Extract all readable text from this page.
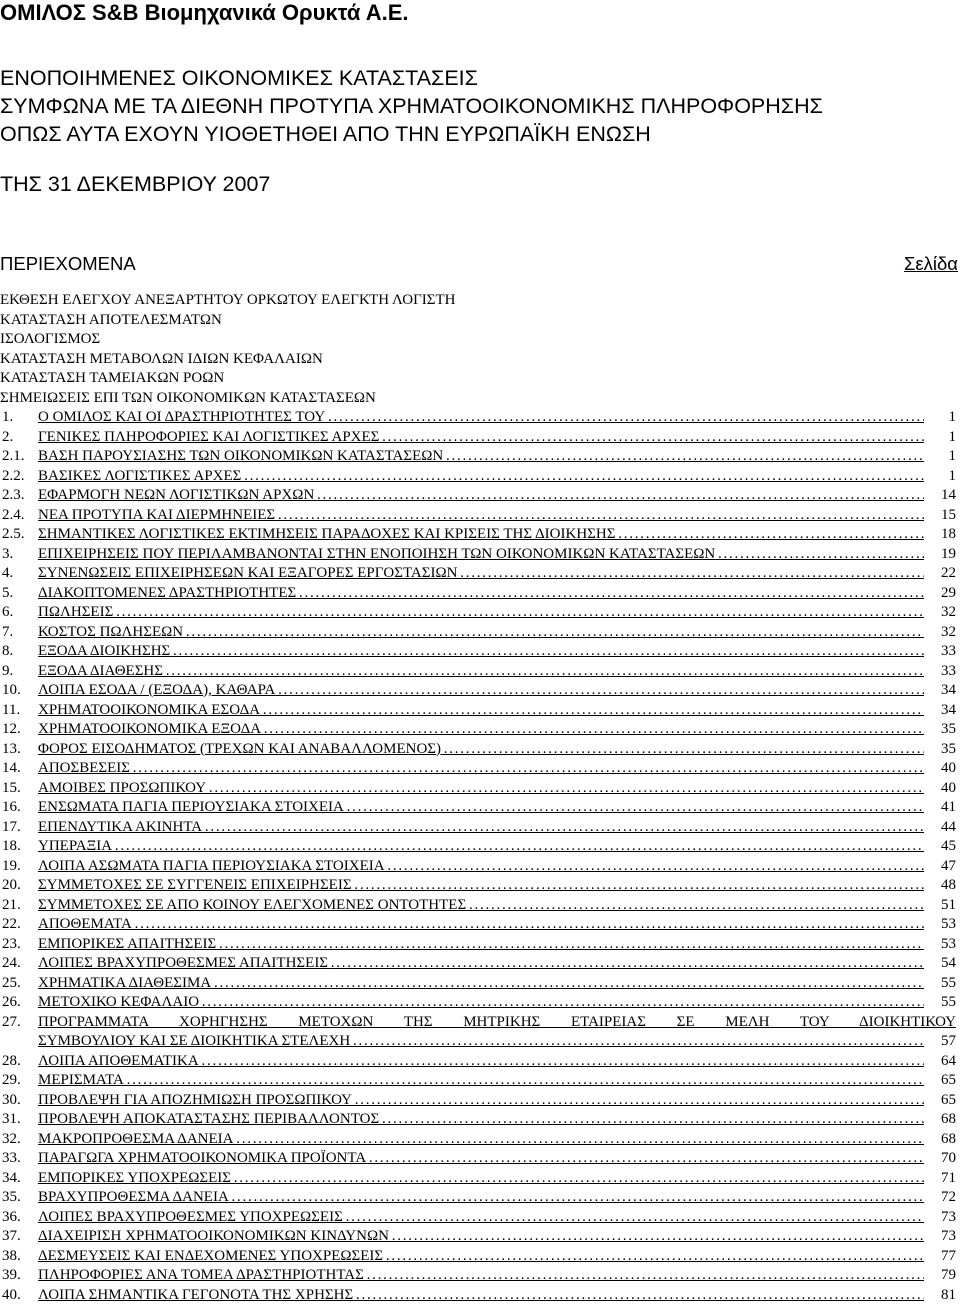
ΟΜΙΛΟΣ S&B Βιομηχανικά Ορυκτά Α.Ε.
ΕΝΟΠΟΙΗΜΕΝΕΣ ΟΙΚΟΝΟΜΙΚΕΣ ΚΑΤΑΣΤΑΣΕΙΣ
ΣΥΜΦΩΝΑ ΜΕ ΤΑ ΔΙΕΘΝΗ ΠΡΟΤΥΠΑ ΧΡΗΜΑΤΟΟΙΚΟΝΟΜΙΚΗΣ ΠΛΗΡΟΦΟΡΗΣΗΣ
ΟΠΩΣ ΑΥΤΑ ΕΧΟΥΝ ΥΙΟΘΕΤΗΘΕΙ ΑΠΟ ΤΗΝ ΕΥΡΩΠΑΪΚΗ ΕΝΩΣΗ
ΤΗΣ 31 ΔΕΚΕΜΒΡΙΟΥ 2007
ΠΕΡΙΕΧΟΜΕΝΑ	Σελίδα
ΕΚΘΕΣΗ ΕΛΕΓΧΟΥ ΑΝΕΞΑΡΤΗΤΟΥ ΟΡΚΩΤΟΥ ΕΛΕΓΚΤΗ ΛΟΓΙΣΤΗ
ΚΑΤΑΣΤΑΣΗ ΑΠΟΤΕΛΕΣΜΑΤΩΝ
ΙΣΟΛΟΓΙΣΜΟΣ
ΚΑΤΑΣΤΑΣΗ ΜΕΤΑΒΟΛΩΝ ΙΔΙΩΝ ΚΕΦΑΛΑΙΩΝ
ΚΑΤΑΣΤΑΣΗ ΤΑΜΕΙΑΚΩΝ ΡΟΩΝ
ΣΗΜΕΙΩΣΕΙΣ ΕΠΙ ΤΩΝ ΟΙΚΟΝΟΜΙΚΩΝ ΚΑΤΑΣΤΑΣΕΩΝ
1. Ο ΟΜΙΛΟΣ ΚΑΙ ΟΙ ΔΡΑΣΤΗΡΙΟΤΗΤΕΣ ΤΟΥ . . .	1
2. ΓΕΝΙΚΕΣ ΠΛΗΡΟΦΟΡΙΕΣ ΚΑΙ ΛΟΓΙΣΤΙΚΕΣ ΑΡΧΕΣ . . .	1
2.1. ΒΑΣΗ ΠΑΡΟΥΣΙΑΣΗΣ ΤΩΝ ΟΙΚΟΝΟΜΙΚΩΝ ΚΑΤΑΣΤΑΣΕΩΝ . . .	1
2.2. ΒΑΣΙΚΕΣ ΛΟΓΙΣΤΙΚΕΣ ΑΡΧΕΣ . . .	1
2.3. ΕΦΑΡΜΟΓΗ ΝΕΩΝ ΛΟΓΙΣΤΙΚΩΝ ΑΡΧΩΝ . . .	14
2.4. ΝΕΑ ΠΡΟΤΥΠΑ ΚΑΙ ΔΙΕΡΜΗΝΕΙΕΣ . . .	15
2.5. ΣΗΜΑΝΤΙΚΕΣ ΛΟΓΙΣΤΙΚΕΣ ΕΚΤΙΜΗΣΕΙΣ ΠΑΡΑΔΟΧΕΣ ΚΑΙ ΚΡΙΣΕΙΣ ΤΗΣ ΔΙΟΙΚΗΣΗΣ . . .	18
3. ΕΠΙΧΕΙΡΗΣΕΙΣ ΠΟΥ ΠΕΡΙΛΑΜΒΑΝΟΝΤΑΙ ΣΤΗΝ ΕΝΟΠΟΙΗΣΗ ΤΩΝ ΟΙΚΟΝΟΜΙΚΩΝ ΚΑΤΑΣΤΑΣΕΩΝ . . .	19
4. ΣΥΝΕΝΩΣΕΙΣ ΕΠΙΧΕΙΡΗΣΕΩΝ ΚΑΙ ΕΞΑΓΟΡΕΣ ΕΡΓΟΣΤΑΣΙΩΝ . . .	22
5. ΔΙΑΚΟΠΤΟΜΕΝΕΣ ΔΡΑΣΤΗΡΙΟΤΗΤΕΣ . . .	29
6. ΠΩΛΗΣΕΙΣ . . .	32
7. ΚΟΣΤΟΣ ΠΩΛΗΣΕΩΝ . . .	32
8. ΕΞΟΔΑ ΔΙΟΙΚΗΣΗΣ . . .	33
9. ΕΞΟΔΑ ΔΙΑΘΕΣΗΣ . . .	33
10. ΛΟΙΠΑ ΕΣΟΔΑ / (ΕΞΟΔΑ), ΚΑΘΑΡΑ . . .	34
11. ΧΡΗΜΑΤΟΟΙΚΟΝΟΜΙΚΑ ΕΣΟΔΑ . . .	34
12. ΧΡΗΜΑΤΟΟΙΚΟΝΟΜΙΚΑ ΕΞΟΔΑ . . .	35
13. ΦΟΡΟΣ ΕΙΣΟΔΗΜΑΤΟΣ (ΤΡΕΧΩΝ ΚΑΙ ΑΝΑΒΑΛΛΟΜΕΝΟΣ) . . .	35
14. ΑΠΟΣΒΕΣΕΙΣ . . .	40
15. ΑΜΟΙΒΕΣ ΠΡΟΣΩΠΙΚΟΥ . . .	40
16. ΕΝΣΩΜΑΤΑ ΠΑΓΙΑ ΠΕΡΙΟΥΣΙΑΚΑ ΣΤΟΙΧΕΙΑ . . .	41
17. ΕΠΕΝΔΥΤΙΚΑ ΑΚΙΝΗΤΑ . . .	44
18. ΥΠΕΡΑΞΙΑ . . .	45
19. ΛΟΙΠΑ ΑΣΩΜΑΤΑ ΠΑΓΙΑ ΠΕΡΙΟΥΣΙΑΚΑ ΣΤΟΙΧΕΙΑ . . .	47
20. ΣΥΜΜΕΤΟΧΕΣ ΣΕ ΣΥΓΓΕΝΕΙΣ ΕΠΙΧΕΙΡΗΣΕΙΣ . . .	48
21. ΣΥΜΜΕΤΟΧΕΣ ΣΕ ΑΠΟ ΚΟΙΝΟΥ ΕΛΕΓΧΟΜΕΝΕΣ ΟΝΤΟΤΗΤΕΣ . . .	51
22. ΑΠΟΘΕΜΑΤΑ . . .	53
23. ΕΜΠΟΡΙΚΕΣ ΑΠΑΙΤΗΣΕΙΣ . . .	53
24. ΛΟΙΠΕΣ ΒΡΑΧΥΠΡΟΘΕΣΜΕΣ ΑΠΑΙΤΗΣΕΙΣ . . .	54
25. ΧΡΗΜΑΤΙΚΑ ΔΙΑΘΕΣΙΜΑ . . .	55
26. ΜΕΤΟΧΙΚΟ ΚΕΦΑΛΑΙΟ . . .	55
27. ΠΡΟΓΡΑΜΜΑΤΑ ΧΟΡΗΓΗΣΗΣ ΜΕΤΟΧΩΝ ΤΗΣ ΜΗΤΡΙΚΗΣ ΕΤΑΙΡΕΙΑΣ ΣΕ ΜΕΛΗ ΤΟΥ ΔΙΟΙΚΗΤΙΚΟΥ
ΣΥΜΒΟΥΛΙΟΥ ΚΑΙ ΣΕ ΔΙΟΙΚΗΤΙΚΑ ΣΤΕΛΕΧΗ . . .	57
28. ΛΟΙΠΑ ΑΠΟΘΕΜΑΤΙΚΑ . . .	64
29. ΜΕΡΙΣΜΑΤΑ . . .	65
30. ΠΡΟΒΛΕΨΗ ΓΙΑ ΑΠΟΖΗΜΙΩΣΗ ΠΡΟΣΩΠΙΚΟΥ . . .	65
31. ΠΡΟΒΛΕΨΗ ΑΠΟΚΑΤΑΣΤΑΣΗΣ ΠΕΡΙΒΑΛΛΟΝΤΟΣ . . .	68
32. ΜΑΚΡΟΠΡΟΘΕΣΜΑ ΔΑΝΕΙΑ . . .	68
33. ΠΑΡΑΓΩΓΑ ΧΡΗΜΑΤΟΟΙΚΟΝΟΜΙΚΑ ΠΡΟΪΟΝΤΑ . . .	70
34. ΕΜΠΟΡΙΚΕΣ ΥΠΟΧΡΕΩΣΕΙΣ . . .	71
35. ΒΡΑΧΥΠΡΟΘΕΣΜΑ ΔΑΝΕΙΑ . . .	72
36. ΛΟΙΠΕΣ ΒΡΑΧΥΠΡΟΘΕΣΜΕΣ ΥΠΟΧΡΕΩΣΕΙΣ . . .	73
37. ΔΙΑΧΕΙΡΙΣΗ ΧΡΗΜΑΤΟΟΙΚΟΝΟΜΙΚΩΝ ΚΙΝΔΥΝΩΝ . . .	73
38. ΔΕΣΜΕΥΣΕΙΣ ΚΑΙ ΕΝΔΕΧΟΜΕΝΕΣ ΥΠΟΧΡΕΩΣΕΙΣ . . .	77
39. ΠΛΗΡΟΦΟΡΙΕΣ ΑΝΑ ΤΟΜΕΑ ΔΡΑΣΤΗΡΙΟΤΗΤΑΣ . . .	79
40. ΛΟΙΠΑ ΣΗΜΑΝΤΙΚΑ ΓΕΓΟΝΟΤΑ ΤΗΣ ΧΡΗΣΗΣ . . .	81
